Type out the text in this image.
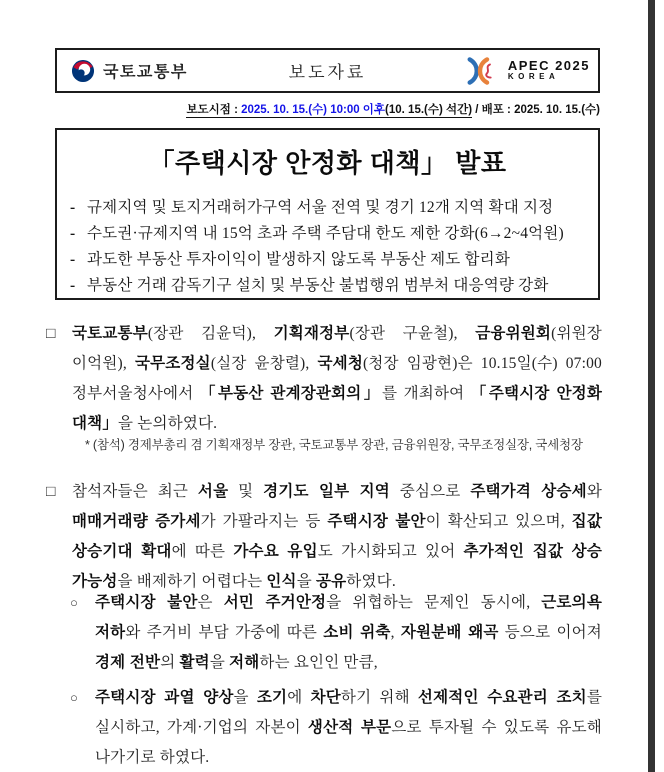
국토교통부	보도자료	APEC 2025
KOREA
보도시점 : 2025. 10. 15.(수) 10:00 이후(10. 15.(수) 석간) / 배포 : 2025. 10. 15.(수)
「주택시장 안정화 대책」 발표
- 규제지역 및 토지거래허가구역 서울 전역 및 경기 12개 지역 확대 지정
- 수도권·규제지역 내 15억 초과 주택 주담대 한도 제한 강화(6→2~4억원)
- 과도한 부동산 투자이익이 발생하지 않도록 부동산 제도 합리화
- 부동산 거래 감독기구 설치 및 부동산 불법행위 범부처 대응역량 강화
□	국토교통부(장관 김윤덕), 기획재정부(장관 구윤철), 금융위원회(위원장 이억원), 국무조정실(실장 윤창렬), 국세청(청장 임광현)은 10.15일(수) 07:00 정부서울청사에서 「부동산 관계장관회의」를 개최하여 「주택시장 안정화 대책」을 논의하였다.
* (참석) 경제부총리 겸 기획재정부 장관, 국토교통부 장관, 금융위원장, 국무조정실장, 국세청장
□	참석자들은 최근 서울 및 경기도 일부 지역 중심으로 주택가격 상승세와 매매거래량 증가세가 가팔라지는 등 주택시장 불안이 확산되고 있으며, 집값 상승기대 확대에 따른 가수요 유입도 가시화되고 있어 추가적인 집값 상승 가능성을 배제하기 어렵다는 인식을 공유하였다.
○	주택시장 불안은 서민 주거안정을 위협하는 문제인 동시에, 근로의욕 저하와 주거비 부담 가중에 따른 소비 위축, 자원분배 왜곡 등으로 이어져 경제 전반의 활력을 저해하는 요인인 만큼,
○	주택시장 과열 양상을 조기에 차단하기 위해 선제적인 수요관리 조치를 실시하고, 가계·기업의 자본이 생산적 부문으로 투자될 수 있도록 유도해 나가기로 하였다.
